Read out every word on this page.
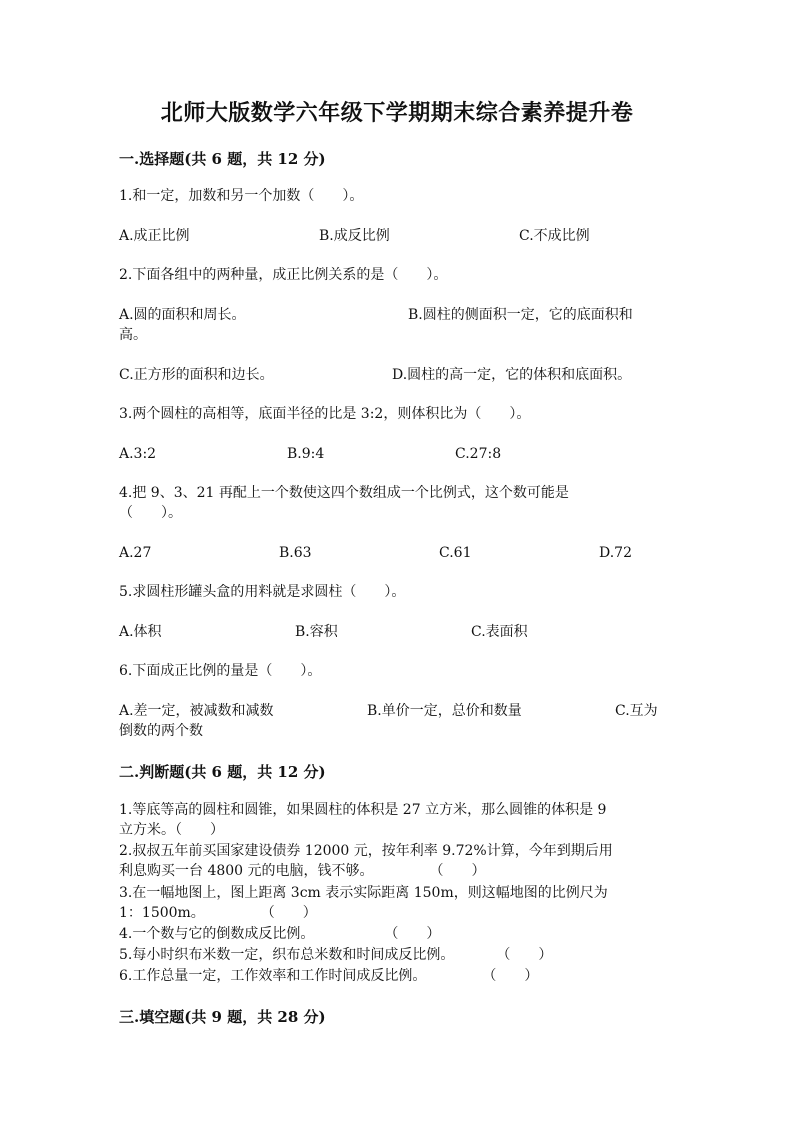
北师大版数学六年级下学期期末综合素养提升卷
一.选择题(共 6 题，共 12 分)
1.和一定，加数和另一个加数（　　）。
A.成正比例	B.成反比例	C.不成比例
2.下面各组中的两种量，成正比例关系的是（　　）。
A.圆的面积和周长。	B.圆柱的侧面积一定，它的底面积和
高。
C.正方形的面积和边长。	D.圆柱的高一定，它的体积和底面积。
3.两个圆柱的高相等，底面半径的比是 3:2，则体积比为（　　）。
A.3:2	B.9:4	C.27:8
4.把 9、3、21 再配上一个数使这四个数组成一个比例式，这个数可能是
（　　）。
A.27	B.63	C.61	D.72
5.求圆柱形罐头盒的用料就是求圆柱（　　）。
A.体积	B.容积	C.表面积
6.下面成正比例的量是（　　）。
A.差一定，被减数和减数	B.单价一定，总价和数量	C.互为
倒数的两个数
二.判断题(共 6 题，共 12 分)
1.等底等高的圆柱和圆锥，如果圆柱的体积是 27 立方米，那么圆锥的体积是 9
立方米。（　　）
2.叔叔五年前买国家建设债券 12000 元，按年利率 9.72%计算，今年到期后用
利息购买一台 4800 元的电脑，钱不够。　　　　　（　　）
3.在一幅地图上，图上距离 3cm 表示实际距离 150m，则这幅地图的比例尺为
1：1500m。　　　　　（　　）
4.一个数与它的倒数成反比例。　　　　　　（　　）
5.每小时织布米数一定，织布总米数和时间成反比例。　　　　（　　）
6.工作总量一定，工作效率和工作时间成反比例。　　　　　（　　）
三.填空题(共 9 题，共 28 分)
